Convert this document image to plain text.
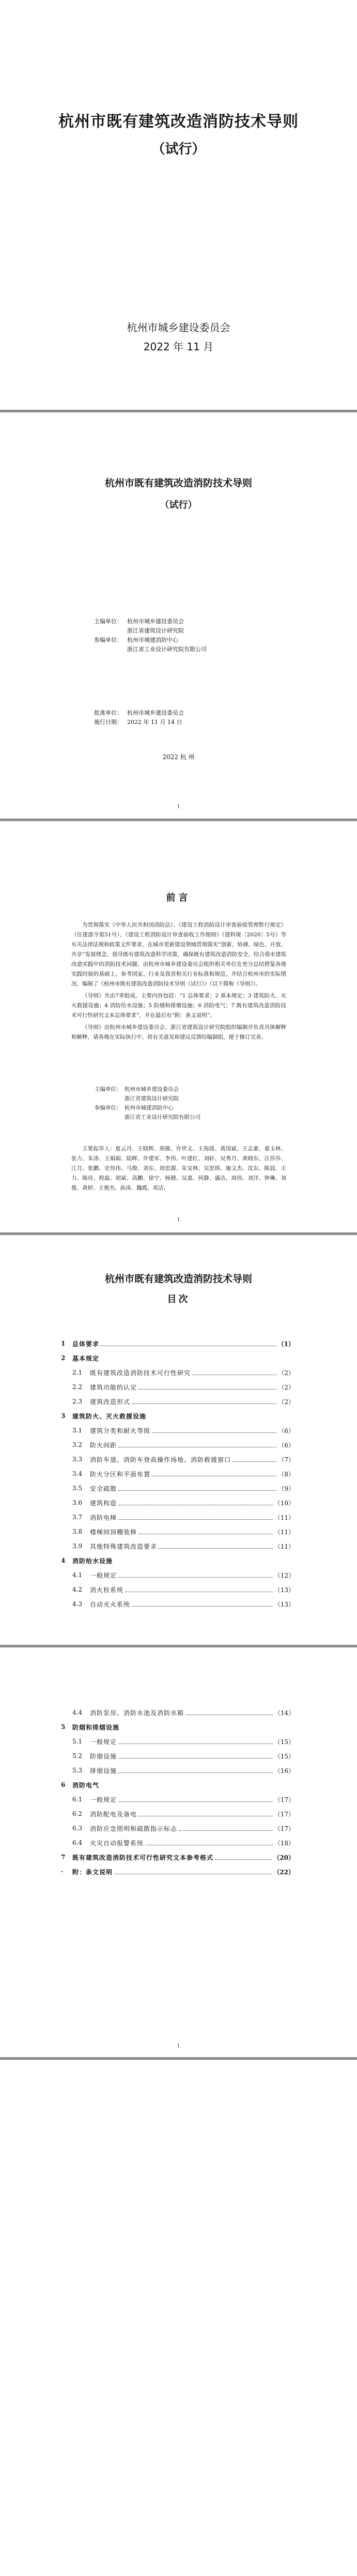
杭州市既有建筑改造消防技术导则
（试行）
杭州市城乡建设委员会
2022 年 11 月
杭州市既有建筑改造消防技术导则
（试行）
主编单位： 杭州市城乡建设委员会
浙江省建筑设计研究院
参编单位： 杭州市城建消防中心
浙江省工业设计研究院有限公司
批准单位： 杭州市城乡建设委员会
施行日期： 2022 年 11 月 14 日
2022 杭 州
1
前言

为贯彻落实《中华人民共和国消防法》、《建设工程消防设计审查验收管理暂行规定》（住建部令第51号）、《建设工程消防设计审查验收工作细则》（建科规〔2020〕5号）等有关法律法规和政策文件要求，在城市更新建设领域贯彻落实“创新、协调、绿色、开放、共享”发展理念，指导既有建筑改造科学决策，确保既有建筑改造消防安全，结合我市建筑改造实践中的消防技术问题，由杭州市城乡建设委员会组织相关单位在充分总结借鉴各地实践经验的基础上，参考国家、行业及我省相关行业标准和规范，并结合杭州市的实际情况，编制了《杭州市既有建筑改造消防技术导则（试行）》（以下简称《导则》）。

《导则》共由7章组成，主要内容包括：“1 总体要求；2 基本规定；3 建筑防火、灭火救援设施；4 消防给水设施；5 防烟和排烟设施；6 消防电气；7 既有建筑改造消防技术可行性研究文本总体要求”，并在最后有“附：条文说明”。

《导则》由杭州市城乡建设委员会、浙江省建筑设计研究院组织编制并负责具体解释和解释，请各地在实际执行中，将有关意见和建议反馈给编制组，便于修订完善。

主编单位： 杭州市城乡建设委员会
浙江省建筑设计研究院
参编单位： 杭州市城建消防中心
浙江省工业设计研究院有限公司
主要起草人：夏云丹、王晓辉、胡骏、许世文、王海波、黄国斌、王志豪、童玉林、张力、朱涛、王娟娟、陆晖、许建军、李伟、叶建红、刘轩、吴秀月、黄晓东、汪莎莎、江月、张鹏、史伟伟、马俊、刘东、周思源、朱宝林、吴思琪、施文杰、沈东、陈晨、王力、陈佳、程磊、胡斌、高鹏、徐宁、杨健、吴嘉、何静、盛洁、周伟、刘洋、钟琳、刘俊、黄婷、王俊杰、孙涛、魏霞、邓洁。
1
杭州市既有建筑改造消防技术导则
目次
1	总体要求	（1）
2	基本规定
2.1	既有建筑改造消防技术可行性研究	（2）
2.2	建筑功能的认定	（2）
2.3	建筑改造形式	（2）
3	建筑防火、灭火救援设施
3.1	建筑分类和耐火等级	（6）
3.2	防火间距	（6）
3.3	消防车道、消防车登高操作场地、消防救援窗口	（7）
3.4	防火分区和平面布置	（8）
3.5	安全疏散	（9）
3.6	建筑构造	（10）
3.7	消防电梯	（11）
3.8	楼梯间顶棚装修	（11）
3.9	其他特殊建筑改造要求	（11）
4	消防给水设施
4.1	一般规定	（12）
4.2	消火栓系统	（13）
4.3	自动灭火系统	（13）
4.4	消防泵房、消防水池及消防水箱	（14）
5	防烟和排烟设施
5.1	一般规定	（15）
5.2	防烟设施	（15）
5.3	排烟设施	（16）
6	消防电气
6.1	一般规定	（17）
6.2	消防配电及备电	（17）
6.3	消防应急照明和疏散指示标志	（17）
6.4	火灾自动报警系统	（18）
7	既有建筑改造消防技术可行性研究文本参考格式	（20）
·	附：条文说明	（22）
1
